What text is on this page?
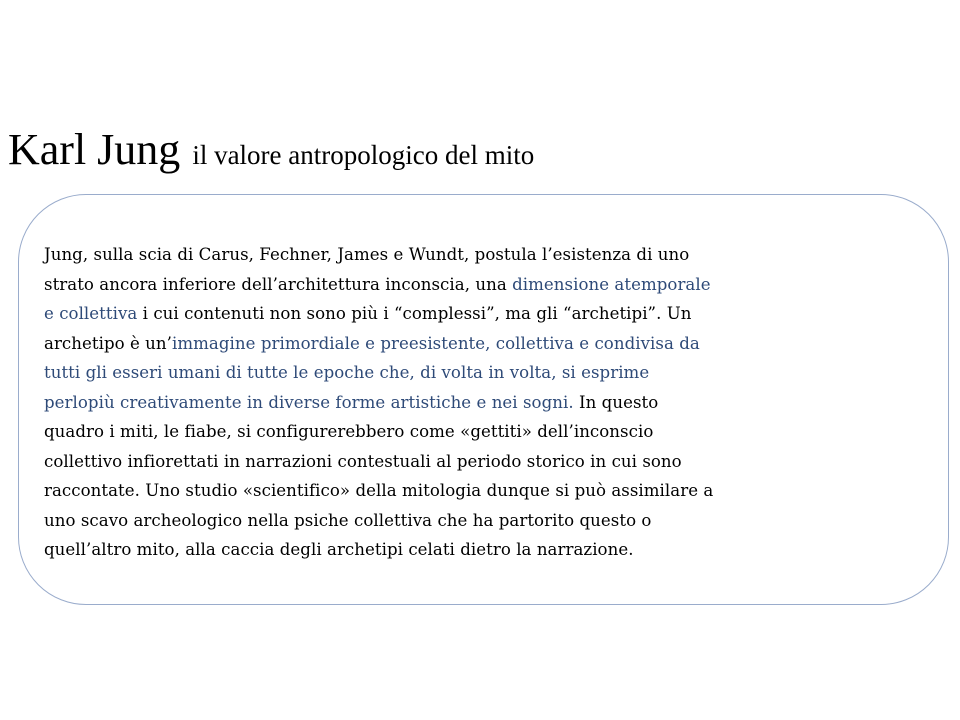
Karl Jung il valore antropologico del mito

Jung, sulla scia di Carus, Fechner, James e Wundt, postula l’esistenza di uno
strato ancora inferiore dell’architettura inconscia, una dimensione atemporale
e collettiva i cui contenuti non sono più i “complessi”, ma gli “archetipi”. Un
archetipo è un’immagine primordiale e preesistente, collettiva e condivisa da
tutti gli esseri umani di tutte le epoche che, di volta in volta, si esprime
perlopiù creativamente in diverse forme artistiche e nei sogni. In questo
quadro i miti, le fiabe, si configurerebbero come «gettiti» dell’inconscio
collettivo infiorettati in narrazioni contestuali al periodo storico in cui sono
raccontate. Uno studio «scientifico» della mitologia dunque si può assimilare a
uno scavo archeologico nella psiche collettiva che ha partorito questo o
quell’altro mito, alla caccia degli archetipi celati dietro la narrazione.
